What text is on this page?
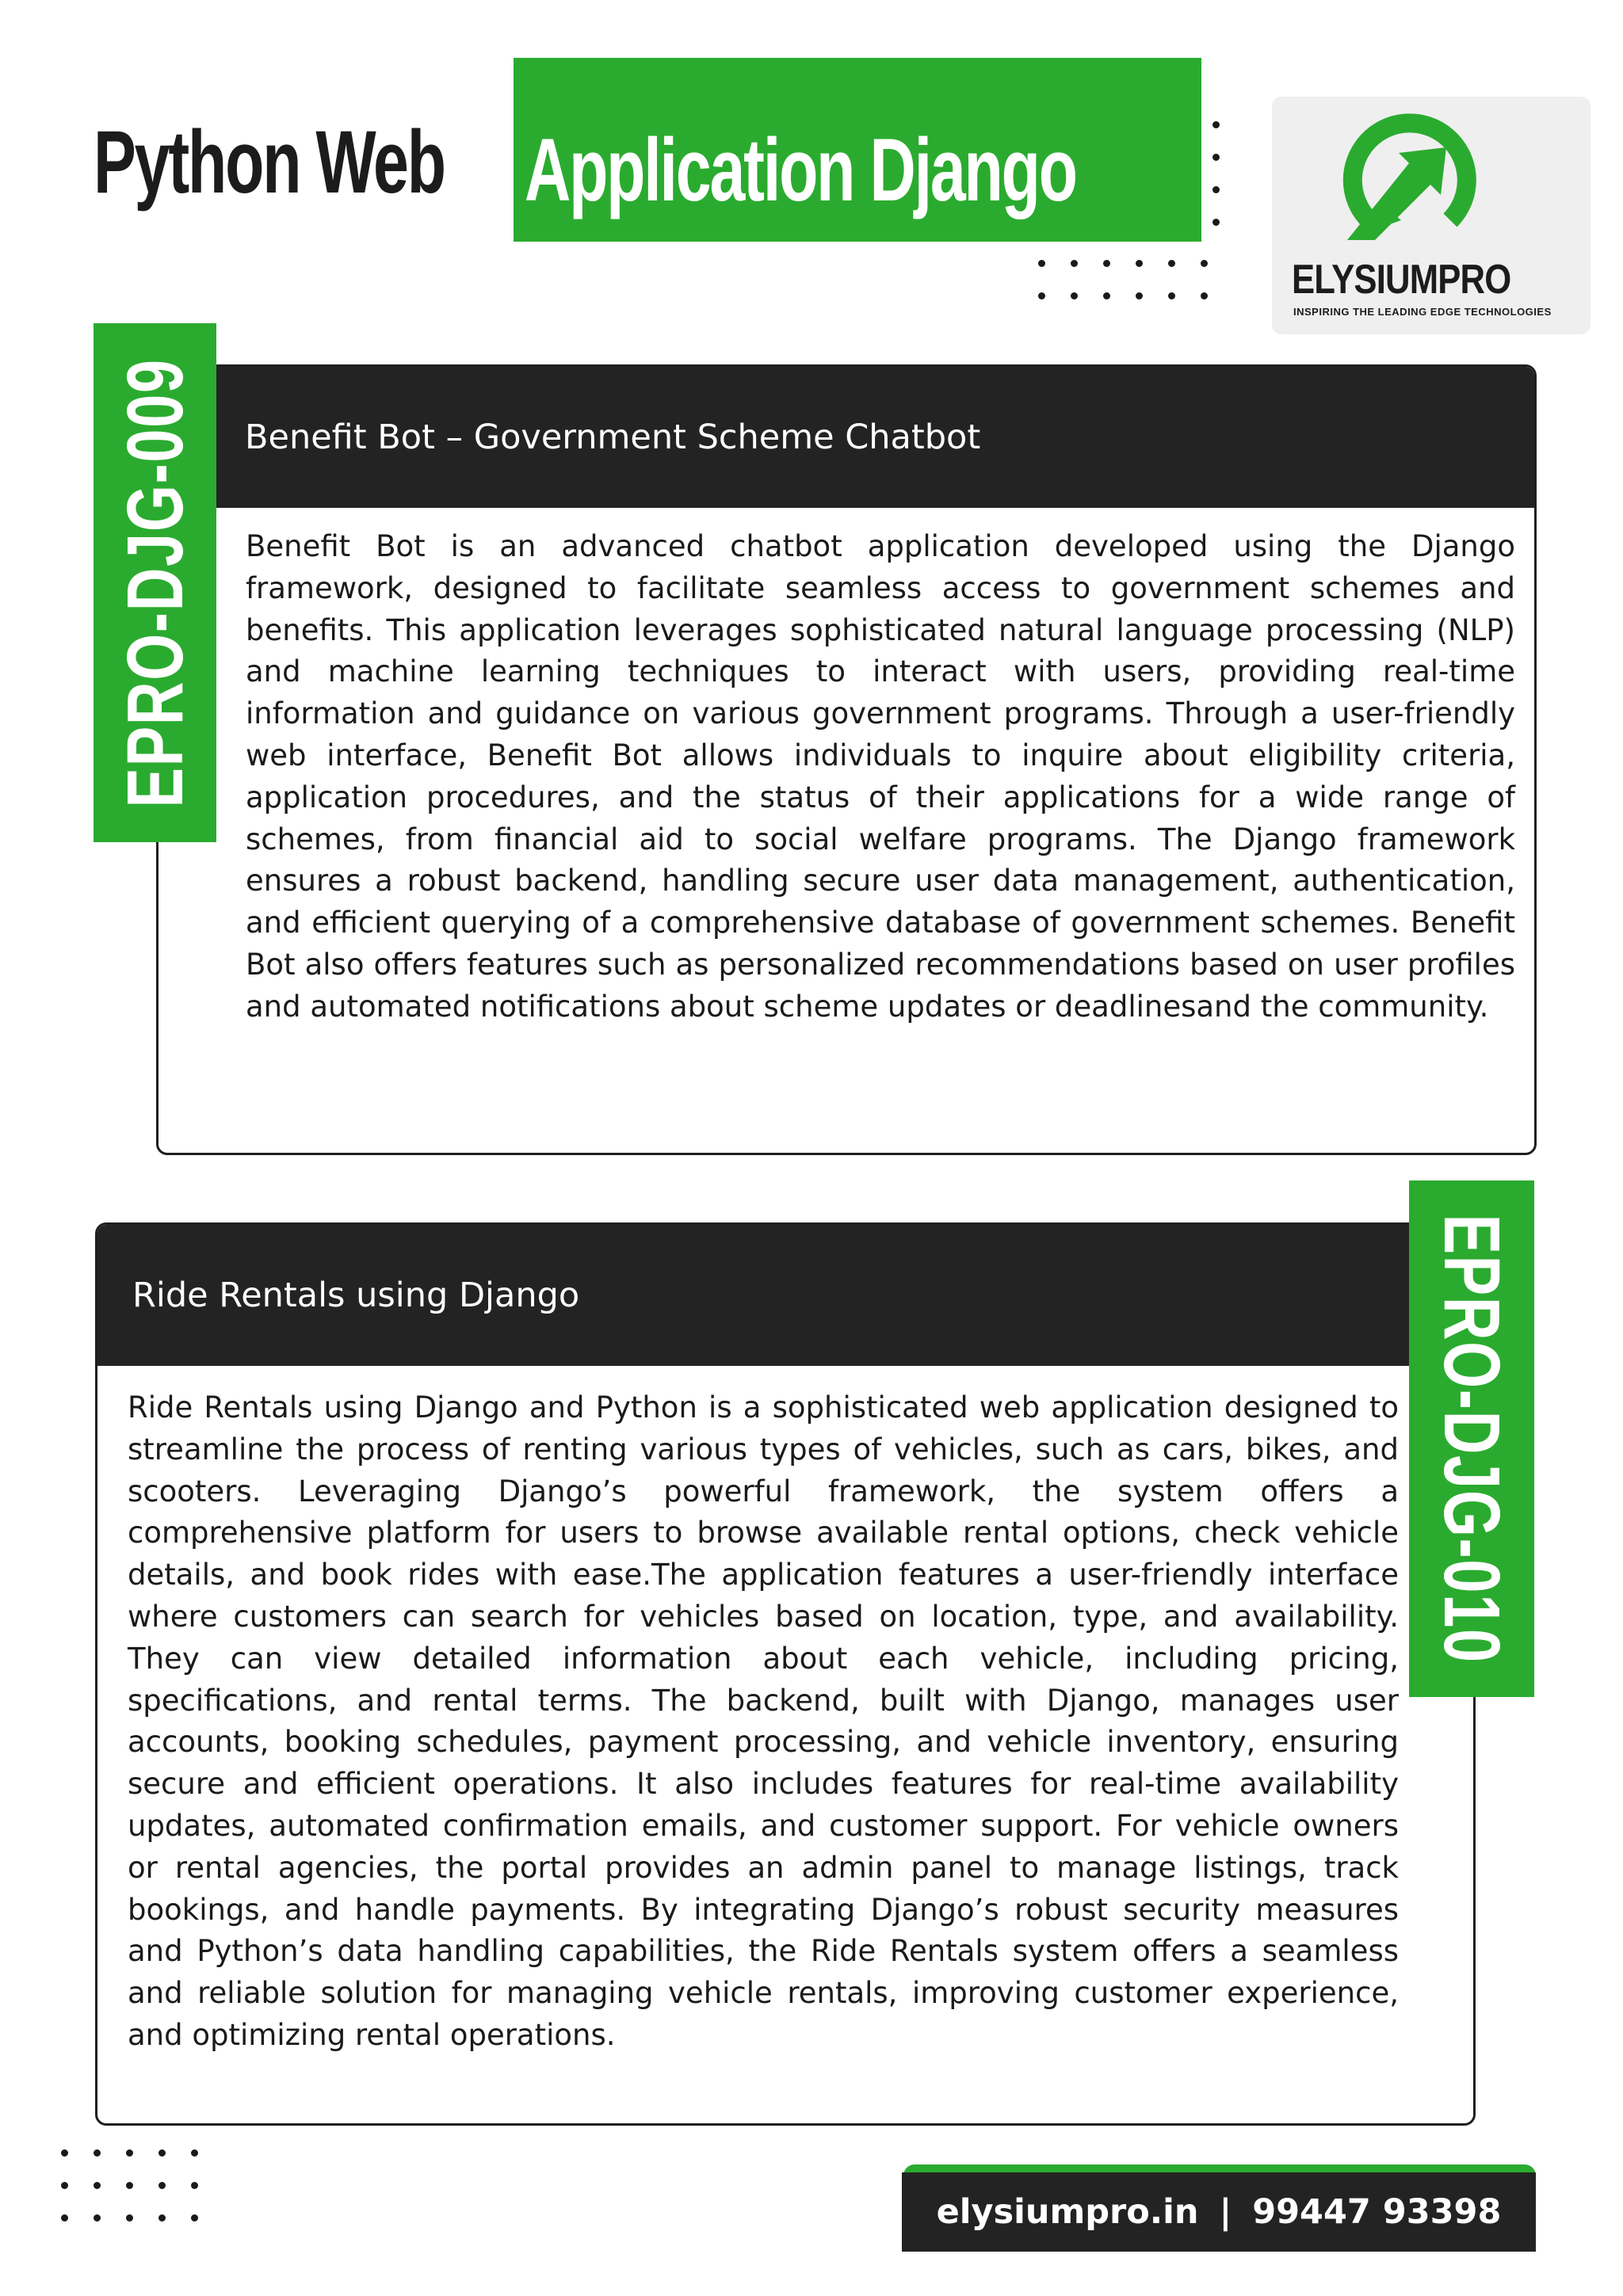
Python Web Application Django
ELYSIUMPRO
INSPIRING THE LEADING EDGE TECHNOLOGIES
Benefit Bot – Government Scheme Chatbot
Benefit Bot is an advanced chatbot application developed using the Django framework, designed to facilitate seamless access to government schemes and benefits. This application leverages sophisticated natural language processing (NLP) and machine learning techniques to interact with users, providing real-time information and guidance on various government programs. Through a user-friendly web interface, Benefit Bot allows individuals to inquire about eligibility criteria, application procedures, and the status of their applications for a wide range of schemes, from financial aid to social welfare programs. The Django framework ensures a robust backend, handling secure user data management, authentication, and efficient querying of a comprehensive database of government schemes. Benefit Bot also offers features such as personalized recommendations based on user profiles and automated notifications about scheme updates or deadlinesand the community.
EPRO-DJG-009
Ride Rentals using Django
Ride Rentals using Django and Python is a sophisticated web application designed to streamline the process of renting various types of vehicles, such as cars, bikes, and scooters. Leveraging Django’s powerful framework, the system offers a comprehensive platform for users to browse available rental options, check vehicle details, and book rides with ease.The application features a user-friendly interface where customers can search for vehicles based on location, type, and availability. They can view detailed information about each vehicle, including pricing, specifications, and rental terms. The backend, built with Django, manages user accounts, booking schedules, payment processing, and vehicle inventory, ensuring secure and efficient operations. It also includes features for real-time availability updates, automated confirmation emails, and customer support. For vehicle owners or rental agencies, the portal provides an admin panel to manage listings, track bookings, and handle payments. By integrating Django’s robust security measures and Python’s data handling capabilities, the Ride Rentals system offers a seamless and reliable solution for managing vehicle rentals, improving customer experience, and optimizing rental operations.
EPRO-DJG-010
elysiumpro.in | 99447 93398
